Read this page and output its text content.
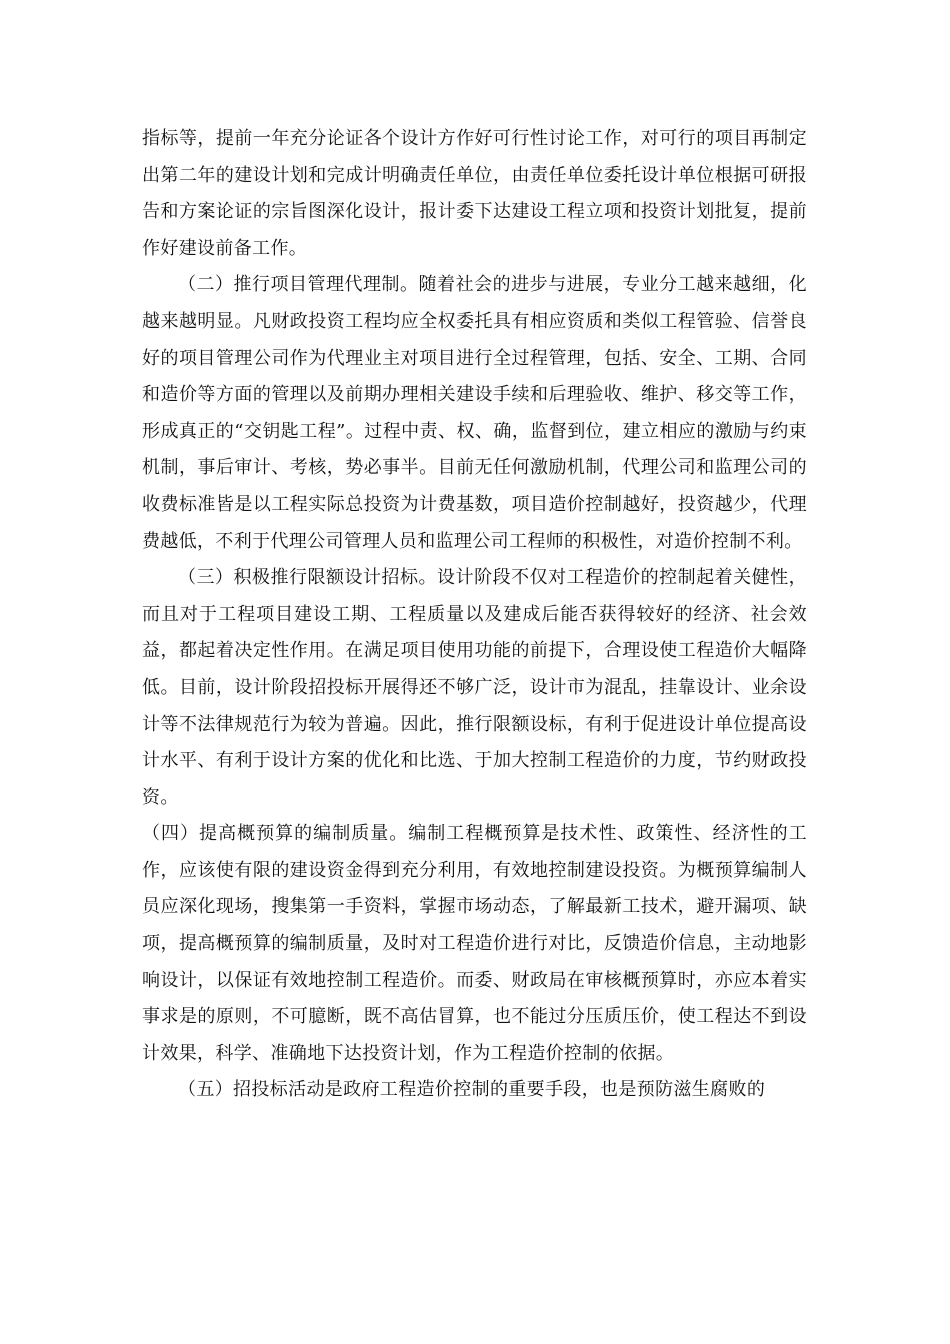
指标等，提前一年充分论证各个设计方作好可行性讨论工作，对可行的项目再制定出第二年的建设计划和完成计明确责任单位，由责任单位委托设计单位根据可研报告和方案论证的宗旨图深化设计，报计委下达建设工程立项和投资计划批复，提前作好建设前备工作。

（二）推行项目管理代理制。随着社会的进步与进展，专业分工越来越细，化越来越明显。凡财政投资工程均应全权委托具有相应资质和类似工程管验、信誉良好的项目管理公司作为代理业主对项目进行全过程管理，包括、安全、工期、合同和造价等方面的管理以及前期办理相关建设手续和后理验收、维护、移交等工作，形成真正的“交钥匙工程”。过程中责、权、确，监督到位，建立相应的激励与约束机制，事后审计、考核，势必事半。目前无任何激励机制，代理公司和监理公司的收费标准皆是以工程实际总投资为计费基数，项目造价控制越好，投资越少，代理费越低，不利于代理公司管理人员和监理公司工程师的积极性，对造价控制不利。

（三）积极推行限额设计招标。设计阶段不仅对工程造价的控制起着关健性，而且对于工程项目建设工期、工程质量以及建成后能否获得较好的经济、社会效益，都起着决定性作用。在满足项目使用功能的前提下，合理设使工程造价大幅降低。目前，设计阶段招投标开展得还不够广泛，设计市为混乱，挂靠设计、业余设计等不法律规范行为较为普遍。因此，推行限额设标，有利于促进设计单位提高设计水平、有利于设计方案的优化和比选、于加大控制工程造价的力度，节约财政投资。

（四）提高概预算的编制质量。编制工程概预算是技术性、政策性、经济性的工作，应该使有限的建设资金得到充分利用，有效地控制建设投资。为概预算编制人员应深化现场，搜集第一手资料，掌握市场动态，了解最新工技术，避开漏项、缺项，提高概预算的编制质量，及时对工程造价进行对比，反馈造价信息，主动地影响设计，以保证有效地控制工程造价。而委、财政局在审核概预算时，亦应本着实事求是的原则，不可臆断，既不高估冒算，也不能过分压质压价，使工程达不到设计效果，科学、准确地下达投资计划，作为工程造价控制的依据。

（五）招投标活动是政府工程造价控制的重要手段，也是预防滋生腐败的
